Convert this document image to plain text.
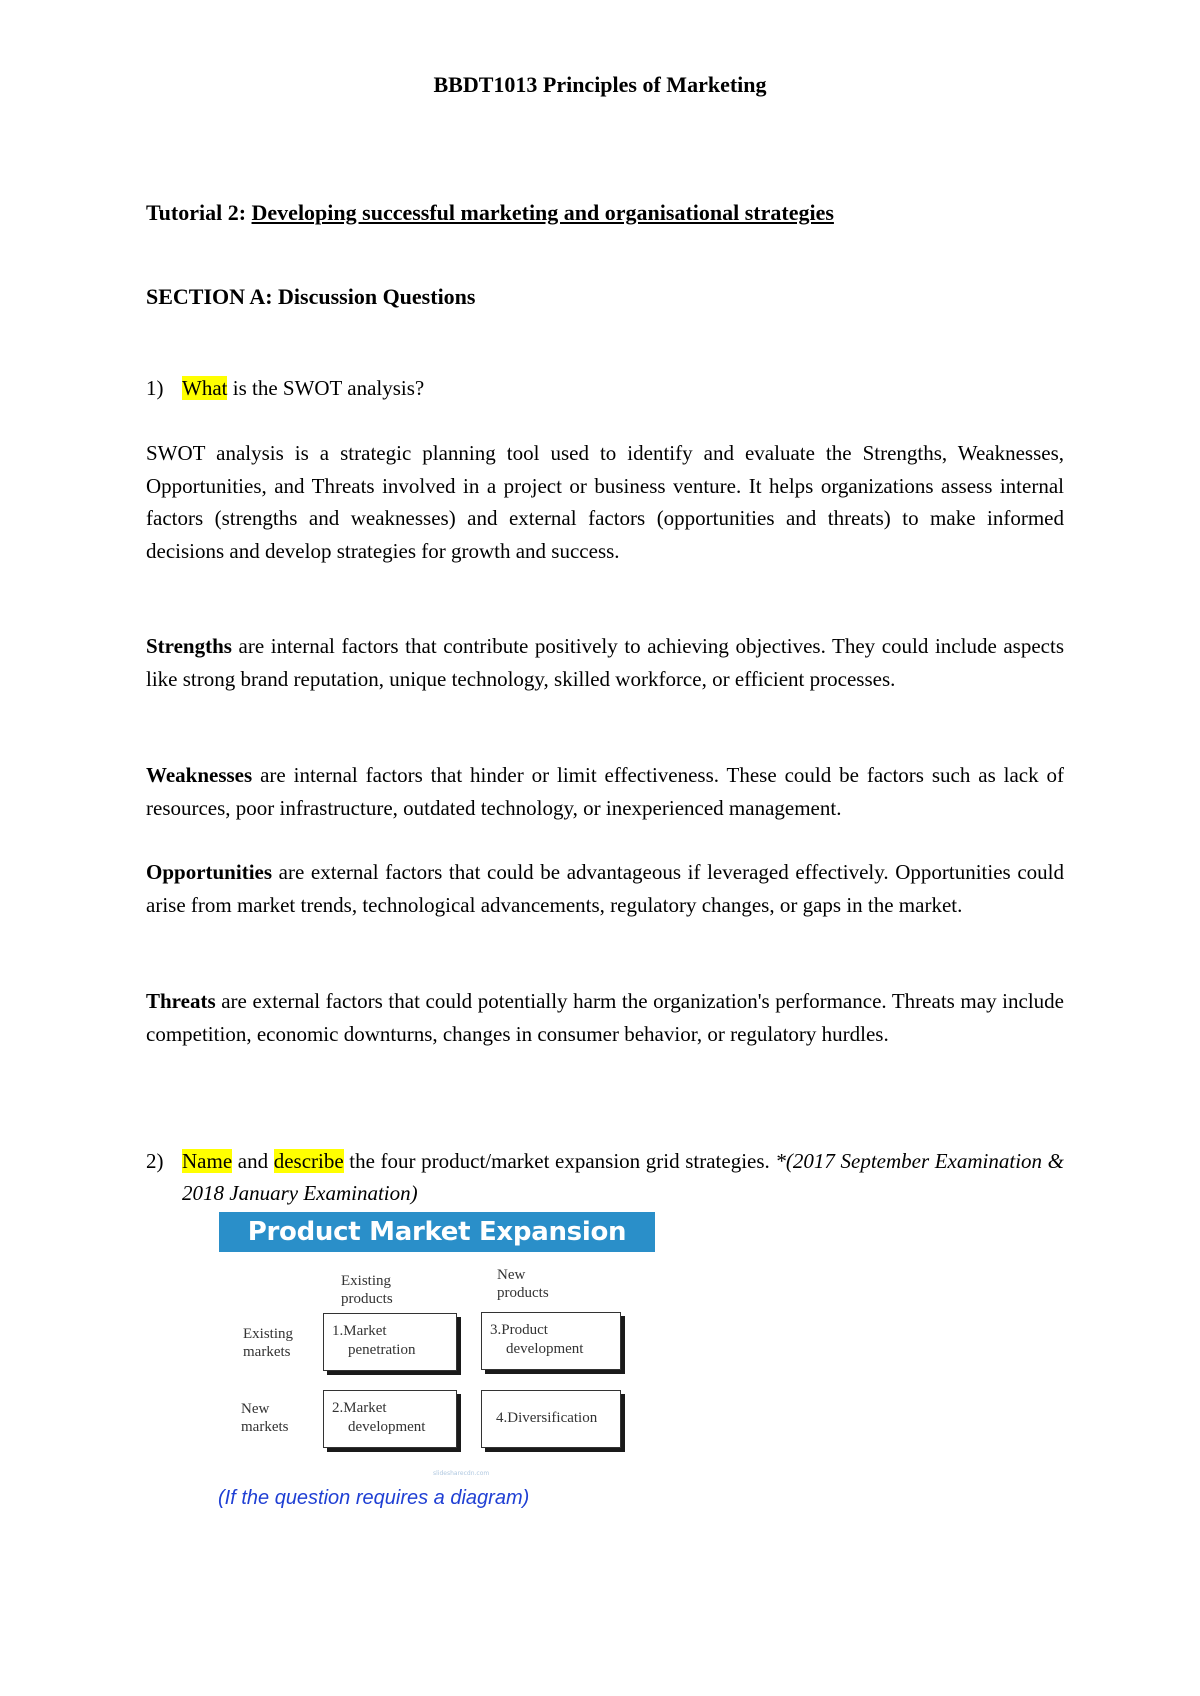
BBDT1013 Principles of Marketing
Tutorial 2: Developing successful marketing and organisational strategies
SECTION A: Discussion Questions
1) What is the SWOT analysis?

SWOT analysis is a strategic planning tool used to identify and evaluate the Strengths, Weaknesses, Opportunities, and Threats involved in a project or business venture. It helps organizations assess internal factors (strengths and weaknesses) and external factors (opportunities and threats) to make informed decisions and develop strategies for growth and success.

Strengths are internal factors that contribute positively to achieving objectives. They could include aspects like strong brand reputation, unique technology, skilled workforce, or efficient processes.

Weaknesses are internal factors that hinder or limit effectiveness. These could be factors such as lack of resources, poor infrastructure, outdated technology, or inexperienced management.

Opportunities are external factors that could be advantageous if leveraged effectively. Opportunities could arise from market trends, technological advancements, regulatory changes, or gaps in the market.

Threats are external factors that could potentially harm the organization's performance. Threats may include competition, economic downturns, changes in consumer behavior, or regulatory hurdles.

2) Name and describe the four product/market expansion grid strategies. *(2017 September Examination & 2018 January Examination)
Product Market Expansion Grid
Existing
products
New
products
Existing
markets
New
markets
1.Market
penetration
3.Product
development
2.Market
development
4.Diversification
slidesharecdn.com
(If the question requires a diagram)
